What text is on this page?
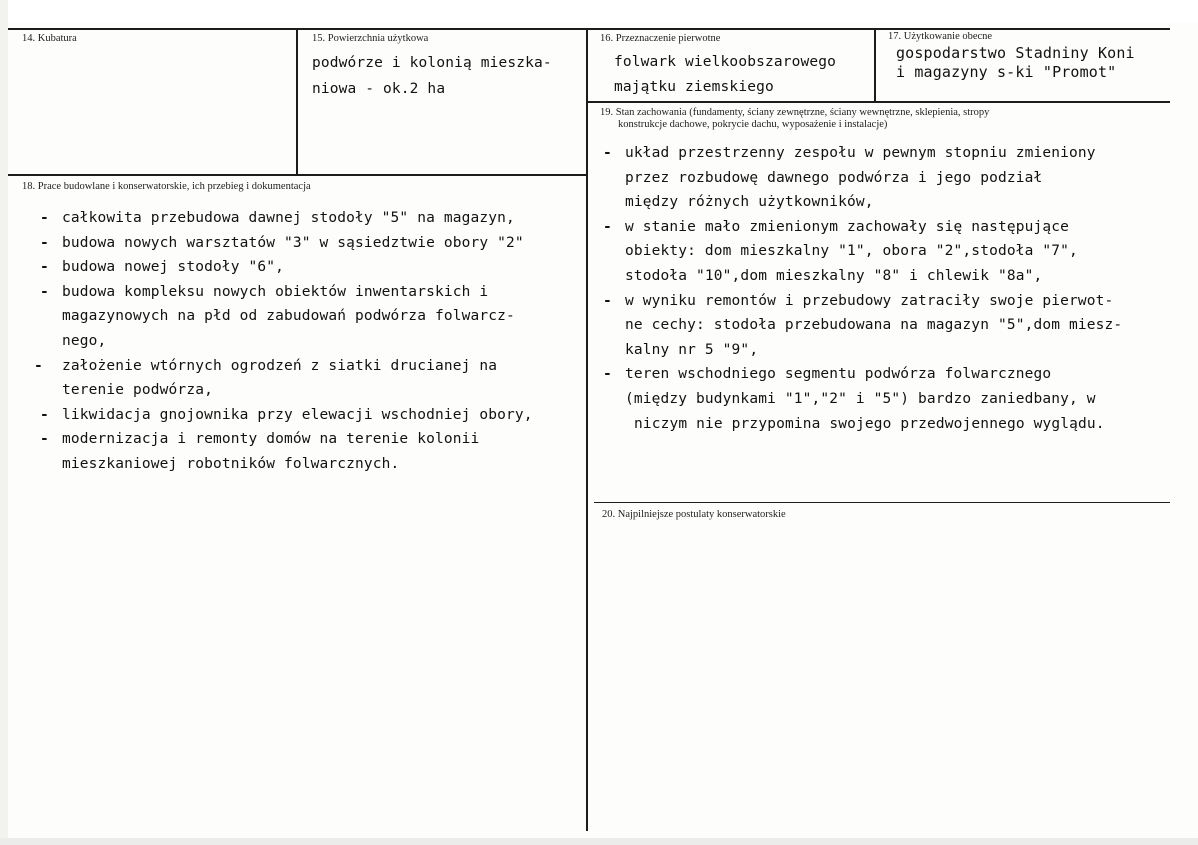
14. Kubatura	15. Powierzchnia użytkowa
podwórze i kolonią mieszka-
niowa - ok.2 ha
16. Przeznaczenie pierwotne
folwark wielkoobszarowego
majątku ziemskiego
17. Użytkowanie obecne
gospodarstwo Stadniny Koni
i magazyny s-ki "Promot"
18. Prace budowlane i konserwatorskie, ich przebieg i dokumentacja
- całkowita przebudowa dawnej stodoły "5" na magazyn,
- budowa nowych warsztatów "3" w sąsiedztwie obory "2"
- budowa nowej stodoły "6",
- budowa kompleksu nowych obiektów inwentarskich i
magazynowych na płd od zabudowań podwórza folwarcz-
nego,
- założenie wtórnych ogrodzeń z siatki drucianej na
terenie podwórza,
- likwidacja gnojownika przy elewacji wschodniej obory,
- modernizacja i remonty domów na terenie kolonii
mieszkaniowej robotników folwarcznych.
19. Stan zachowania (fundamenty, ściany zewnętrzne, ściany wewnętrzne, sklepienia, stropy
konstrukcje dachowe, pokrycie dachu, wyposażenie i instalacje)
- układ przestrzenny zespołu w pewnym stopniu zmieniony
przez rozbudowę dawnego podwórza i jego podział
między różnych użytkowników,
- w stanie mało zmienionym zachowały się następujące
obiekty: dom mieszkalny "1", obora "2",stodoła "7",
stodoła "10",dom mieszkalny "8" i chlewik "8a",
- w wyniku remontów i przebudowy zatraciły swoje pierwot-
ne cechy: stodoła przebudowana na magazyn "5",dom miesz-
kalny nr 5 "9",
- teren wschodniego segmentu podwórza folwarcznego
(między budynkami "1","2" i "5") bardzo zaniedbany, w
niczym nie przypomina swojego przedwojennego wyglądu.
20. Najpilniejsze postulaty konserwatorskie
